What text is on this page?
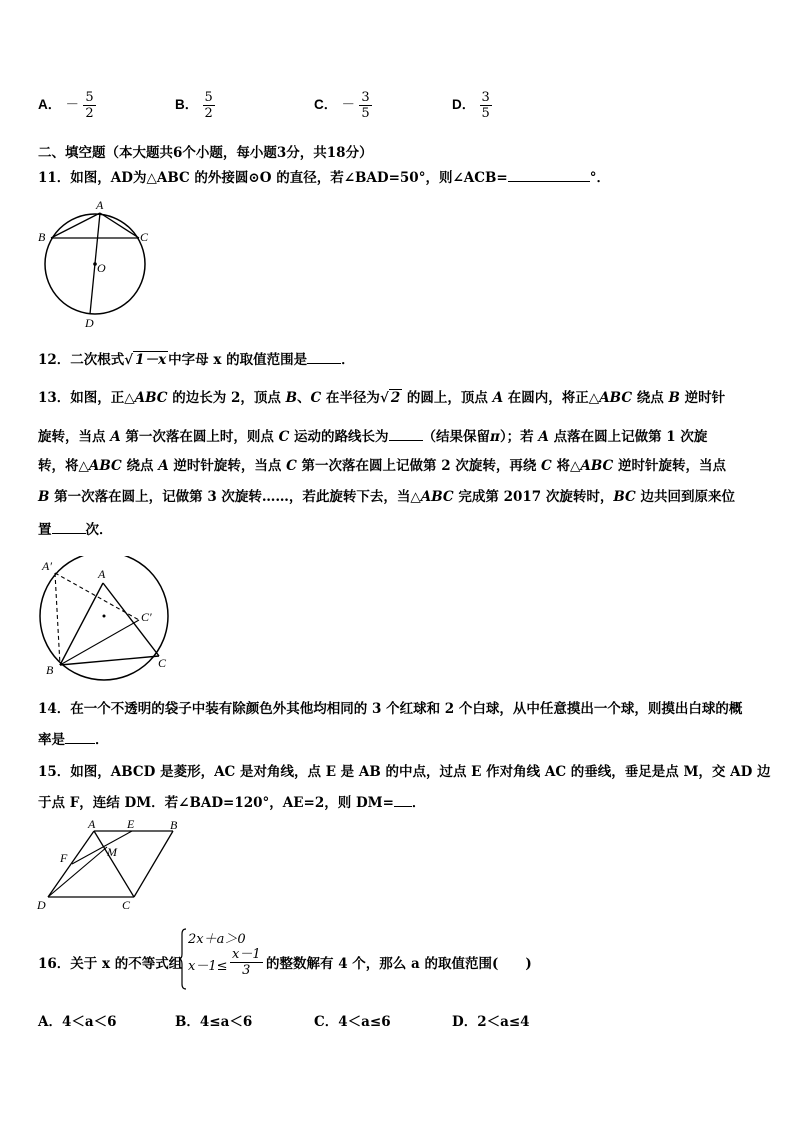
A． － $\frac{5}{2}$	B． $\frac{5}{2}$	C． － $\frac{3}{5}$	D． $\frac{3}{5}$
二、填空题（本大题共6个小题，每小题3分，共18分）
11．如图，AD为△ABC 的外接圆⊙O 的直径，若∠BAD=50°，则∠ACB=	°．
A
B	C
O
D
12．二次根式√ 1－x 中字母 x 的取值范围是	．
13．如图，正△ABC 的边长为 2，顶点 B、C 在半径为√ 2 的圆上，顶点 A 在圆内，将正△ABC 绕点 B 逆时针
旋转，当点 A 第一次落在圆上时，则点 C 运动的路线长为	（结果保留π）；若 A 点落在圆上记做第 1 次旋
转，将△ABC 绕点 A 逆时针旋转，当点 C 第一次落在圆上记做第 2 次旋转，再绕 C 将△ABC 逆时针旋转，当点
B 第一次落在圆上，记做第 3 次旋转……，若此旋转下去，当△ABC 完成第 2017 次旋转时，BC 边共回到原来位
置	次．
A′
A
C′
B	C
14．在一个不透明的袋子中装有除颜色外其他均相同的 3 个红球和 2 个白球，从中任意摸出一个球，则摸出白球的概
率是 ．
15．如图，ABCD 是菱形，AC 是对角线，点 E 是 AB 的中点，过点 E 作对角线 AC 的垂线，垂足是点 M，交 AD 边
于点 F，连结 DM．若∠BAD=120°，AE=2，则 DM= ．
A	E	B
F	M
D	C
16．关于 x 的不等式组
2x＋a＞0
$x-1\le \frac{x-1}{3}$ 的整数解有 4 个，那么 a 的取值范围(　　)
A．4＜a＜6	B．4≤a＜6	C．4＜a≤6	D．2＜a≤4
